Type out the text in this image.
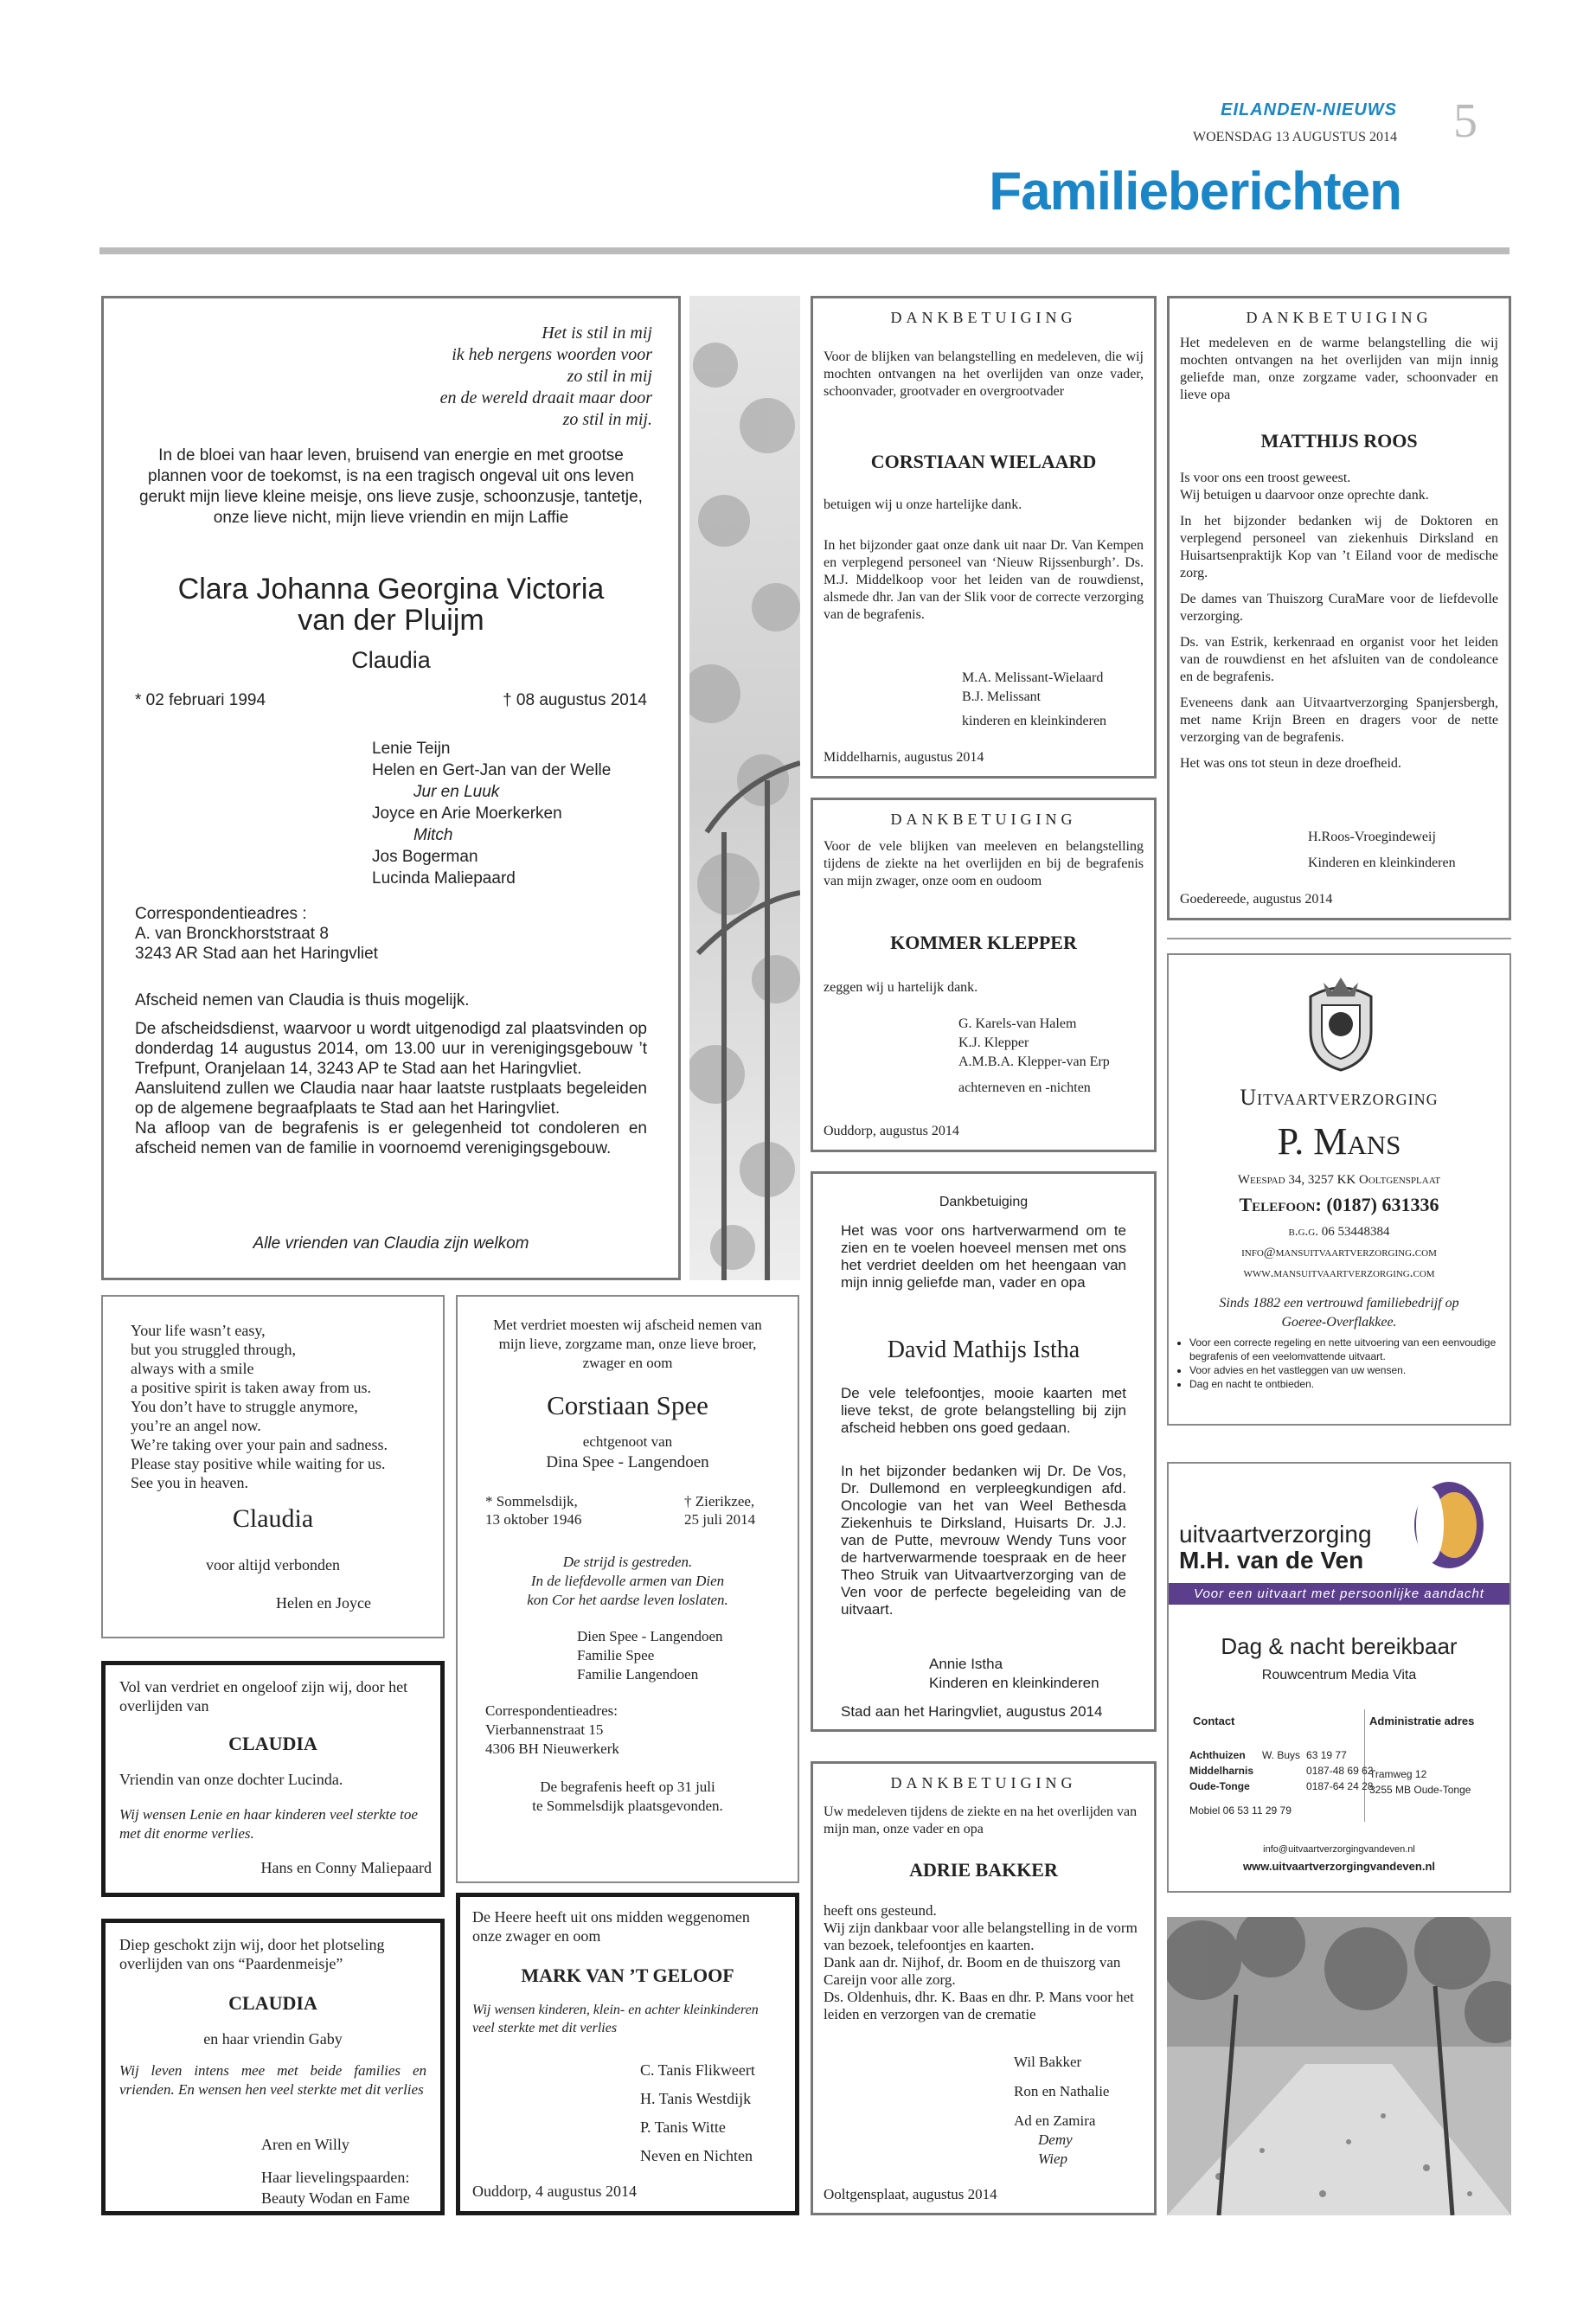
EILANDEN-NIEUWS
WOENSDAG 13 AUGUSTUS 2014 5
Familieberichten
Het is stil in mij
ik heb nergens woorden voor
zo stil in mij
en de wereld draait maar door
zo stil in mij.

In de bloei van haar leven, bruisend van energie en met grootse plannen voor de toekomst, is na een tragisch ongeval uit ons leven gerukt mijn lieve kleine meisje, ons lieve zusje, schoonzusje, tantetje, onze lieve nicht, mijn lieve vriendin en mijn Laffie

Clara Johanna Georgina Victoria
van der Pluijm
Claudia
* 02 februari 1994	† 08 augustus 2014
Lenie Teijn
Helen en Gert-Jan van der Welle
Jur en Luuk
Joyce en Arie Moerkerken
Mitch
Jos Bogerman
Lucinda Maliepaard
Correspondentieadres :
A. van Bronckhorststraat 8
3243 AR Stad aan het Haringvliet

Afscheid nemen van Claudia is thuis mogelijk.

De afscheidsdienst, waarvoor u wordt uitgenodigd zal plaatsvinden op donderdag 14 augustus 2014, om 13.00 uur in verenigingsgebouw ’t Trefpunt, Oranjelaan 14, 3243 AP te Stad aan het Haringvliet.

Aansluitend zullen we Claudia naar haar laatste rustplaats begeleiden op de algemene begraafplaats te Stad aan het Haringvliet.

Na afloop van de begrafenis is er gelegenheid tot condoleren en afscheid nemen van de familie in voornoemd verenigingsgebouw.

Alle vrienden van Claudia zijn welkom
Your life wasn’t easy,
but you struggled through,
always with a smile
a positive spirit is taken away from us.
You don’t have to struggle anymore,
you’re an angel now.
We’re taking over your pain and sadness.
Please stay positive while waiting for us.
See you in heaven.
Claudia
voor altijd verbonden
Helen en Joyce

Vol van verdriet en ongeloof zijn wij, door het overlijden van

CLAUDIA

Vriendin van onze dochter Lucinda.

Wij wensen Lenie en haar kinderen veel sterkte toe met dit enorme verlies.

Hans en Conny Maliepaard

Diep geschokt zijn wij, door het plotseling overlijden van ons “Paardenmeisje”

CLAUDIA
en haar vriendin Gaby

Wij leven intens mee met beide families en vrienden. En wensen hen veel sterkte met dit verlies

Aren en Willy
Haar lievelingspaarden:
Beauty Wodan en Fame

Met verdriet moesten wij afscheid nemen van mijn lieve, zorgzame man, onze lieve broer, zwager en oom

Corstiaan Spee
echtgenoot van
Dina Spee - Langendoen
* Sommelsdijk,
13 oktober 1946
† Zierikzee,
25 juli 2014
De strijd is gestreden.
In de liefdevolle armen van Dien
kon Cor het aardse leven loslaten.
Dien Spee - Langendoen
Familie Spee
Familie Langendoen
Correspondentieadres:
Vierbannenstraat 15
4306 BH Nieuwerkerk
De begrafenis heeft op 31 juli
te Sommelsdijk plaatsgevonden.

De Heere heeft uit ons midden weggenomen onze zwager en oom

MARK VAN ’T GELOOF

Wij wensen kinderen, klein- en achter kleinkinderen veel sterkte met dit verlies

C. Tanis Flikweert
H. Tanis Westdijk
P. Tanis Witte
Neven en Nichten
Ouddorp, 4 augustus 2014
DANKBETUIGING

Voor de blijken van belangstelling en medeleven, die wij mochten ontvangen na het overlijden van onze vader, schoonvader, grootvader en overgrootvader

CORSTIAAN WIELAARD

betuigen wij u onze hartelijke dank.

In het bijzonder gaat onze dank uit naar Dr. Van Kempen en verplegend personeel van ‘Nieuw Rijssenburgh’. Ds. M.J. Middelkoop voor het leiden van de rouwdienst, alsmede dhr. Jan van der Slik voor de correcte verzorging van de begrafenis.

M.A. Melissant-Wielaard
B.J. Melissant
kinderen en kleinkinderen
Middelharnis, augustus 2014
DANKBETUIGING

Voor de vele blijken van meeleven en belangstelling tijdens de ziekte na het overlijden en bij de begrafenis van mijn zwager, onze oom en oudoom

KOMMER KLEPPER

zeggen wij u hartelijk dank.

G. Karels-van Halem
K.J. Klepper
A.M.B.A. Klepper-van Erp
achterneven en -nichten
Ouddorp, augustus 2014
Dankbetuiging

Het was voor ons hartverwarmend om te zien en te voelen hoeveel mensen met ons het verdriet deelden om het heengaan van mijn innig geliefde man, vader en opa

David Mathijs Istha

De vele telefoontjes, mooie kaarten met lieve tekst, de grote belangstelling bij zijn afscheid hebben ons goed gedaan.

In het bijzonder bedanken wij Dr. De Vos, Dr. Dullemond en verpleegkundigen afd. Oncologie van het van Weel Bethesda Ziekenhuis te Dirksland, Huisarts Dr. J.J. van de Putte, mevrouw Wendy Tuns voor de hartverwarmende toespraak en de heer Theo Struik van Uitvaartverzorging van de Ven voor de perfecte begeleiding van de uitvaart.

Annie Istha
Kinderen en kleinkinderen
Stad aan het Haringvliet, augustus 2014
DANKBETUIGING

Uw medeleven tijdens de ziekte en na het overlijden van mijn man, onze vader en opa

ADRIE BAKKER

heeft ons gesteund.

Wij zijn dankbaar voor alle belangstelling in de vorm van bezoek, telefoontjes en kaarten.

Dank aan dr. Nijhof, dr. Boom en de thuiszorg van Careijn voor alle zorg.

Ds. Oldenhuis, dhr. K. Baas en dhr. P. Mans voor het leiden en verzorgen van de crematie

Wil Bakker
Ron en Nathalie
Ad en Zamira
Demy
Wiep
Ooltgensplaat, augustus 2014
DANKBETUIGING

Het medeleven en de warme belangstelling die wij mochten ontvangen na het overlijden van mijn innig geliefde man, onze zorgzame vader, schoonvader en lieve opa

MATTHIJS ROOS

Is voor ons een troost geweest.

Wij betuigen u daarvoor onze oprechte dank.

In het bijzonder bedanken wij de Doktoren en verplegend personeel van ziekenhuis Dirksland en Huisartsenpraktijk Kop van ’t Eiland voor de medische zorg.

De dames van Thuiszorg CuraMare voor de liefdevolle verzorging.

Ds. van Estrik, kerkenraad en organist voor het leiden van de rouwdienst en het afsluiten van de condoleance en de begrafenis.

Eveneens dank aan Uitvaartverzorging Spanjersbergh, met name Krijn Breen en dragers voor de nette verzorging van de begrafenis.

Het was ons tot steun in deze droefheid.

H.Roos-Vroegindeweij
Kinderen en kleinkinderen
Goedereede, augustus 2014
Uitvaartverzorging
P. Mans
Weespad 34, 3257 KK Ooltgensplaat
Telefoon: (0187) 631336
b.g.g. 06 53448384
info@mansuitvaartverzorging.com
www.mansuitvaartverzorging.com
Sinds 1882 een vertrouwd familiebedrijf op
Goeree-Overflakkee.
• Voor een correcte regeling en nette uitvoering van een eenvoudige begrafenis of een veelomvattende uitvaart.
• Voor advies en het vastleggen van uw wensen.
• Dag en nacht te ontbieden.
uitvaartverzorging
M.H. van de Ven
Voor een uitvaart met persoonlijke aandacht
Dag & nacht bereikbaar
Rouwcentrum Media Vita
Contact	Administratie adres
Achthuizen	W. Buys	63 19 77
Middelharnis		0187-48 69 62
Oude-Tonge		0187-64 24 28
Mobiel 06 53 11 29 79
Tramweg 12
3255 MB Oude-Tonge
info@uitvaartverzorgingvandeven.nl
www.uitvaartverzorgingvandeven.nl
